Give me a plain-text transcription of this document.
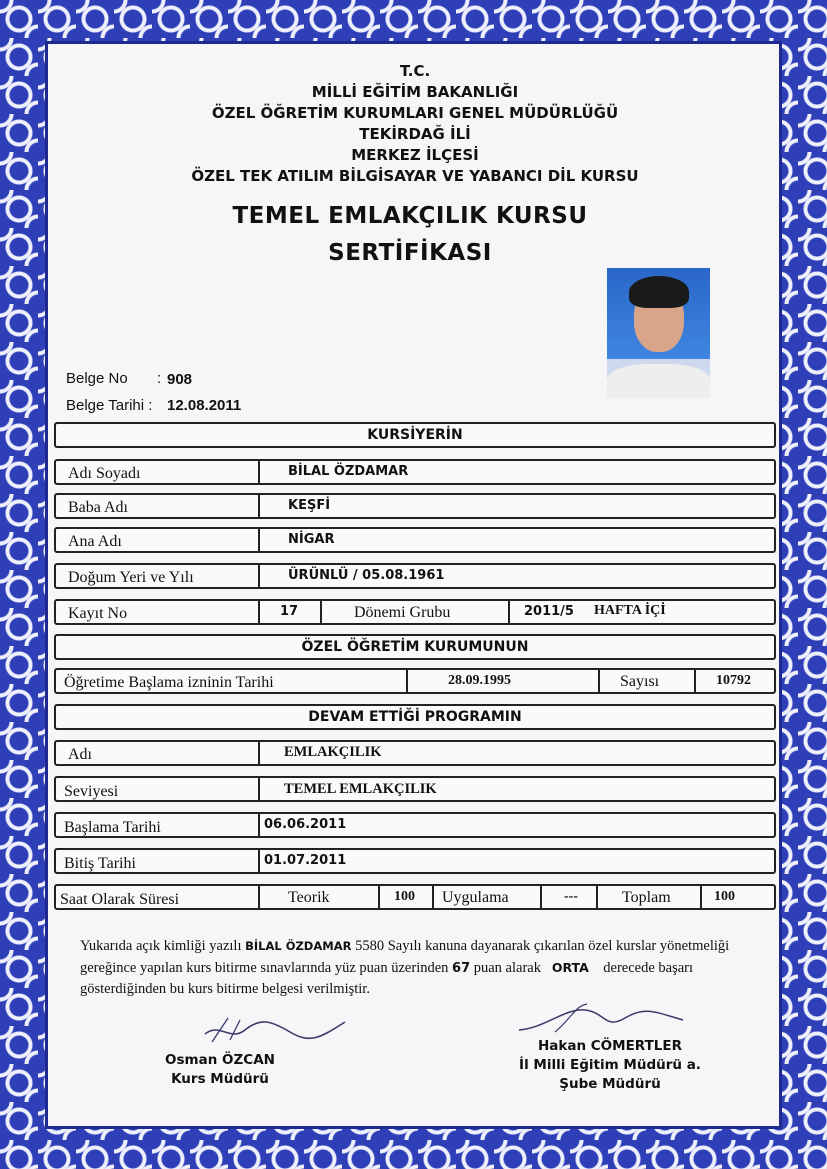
T.C.
MİLLİ EĞİTİM BAKANLIĞI
ÖZEL ÖĞRETİM KURUMLARI GENEL MÜDÜRLÜĞÜ
TEKİRDAĞ İLİ
MERKEZ İLÇESİ
ÖZEL TEK ATILIM BİLGİSAYAR VE YABANCI DİL KURSU
TEMEL EMLAKÇILIK KURSU
SERTİFİKASI
Belge No : 908
Belge Tarihi : 12.08.2011
KURSİYERİN
Adı Soyadı	BİLAL ÖZDAMAR
Baba Adı	KEŞFİ
Ana Adı	NİGAR
Doğum Yeri ve Yılı	ÜRÜNLÜ / 05.08.1961
Kayıt No	17	Dönemi Grubu	2011/5 HAFTA İÇİ
ÖZEL ÖĞRETİM KURUMUNUN
Öğretime Başlama izninin Tarihi	28.09.1995	Sayısı	10792
DEVAM ETTİĞİ PROGRAMIN
Adı	EMLAKÇILIK
Seviyesi	TEMEL EMLAKÇILIK
Başlama Tarihi	06.06.2011
Bitiş Tarihi	01.07.2011
Saat Olarak Süresi	Teorik	100 Uygulama	---	Toplam	100
Yukarıda açık kimliği yazılı BİLAL ÖZDAMAR 5580 Sayılı kanuna dayanarak çıkarılan özel kurslar yönetmeliği gereğince yapılan kurs bitirme sınavlarında yüz puan üzerinden 67 puan alarak ORTA derecede başarı gösterdiğinden bu kurs bitirme belgesi verilmiştir.
Osman ÖZCAN
Kurs Müdürü
Hakan CÖMERTLER
İl Milli Eğitim Müdürü a.
Şube Müdürü
